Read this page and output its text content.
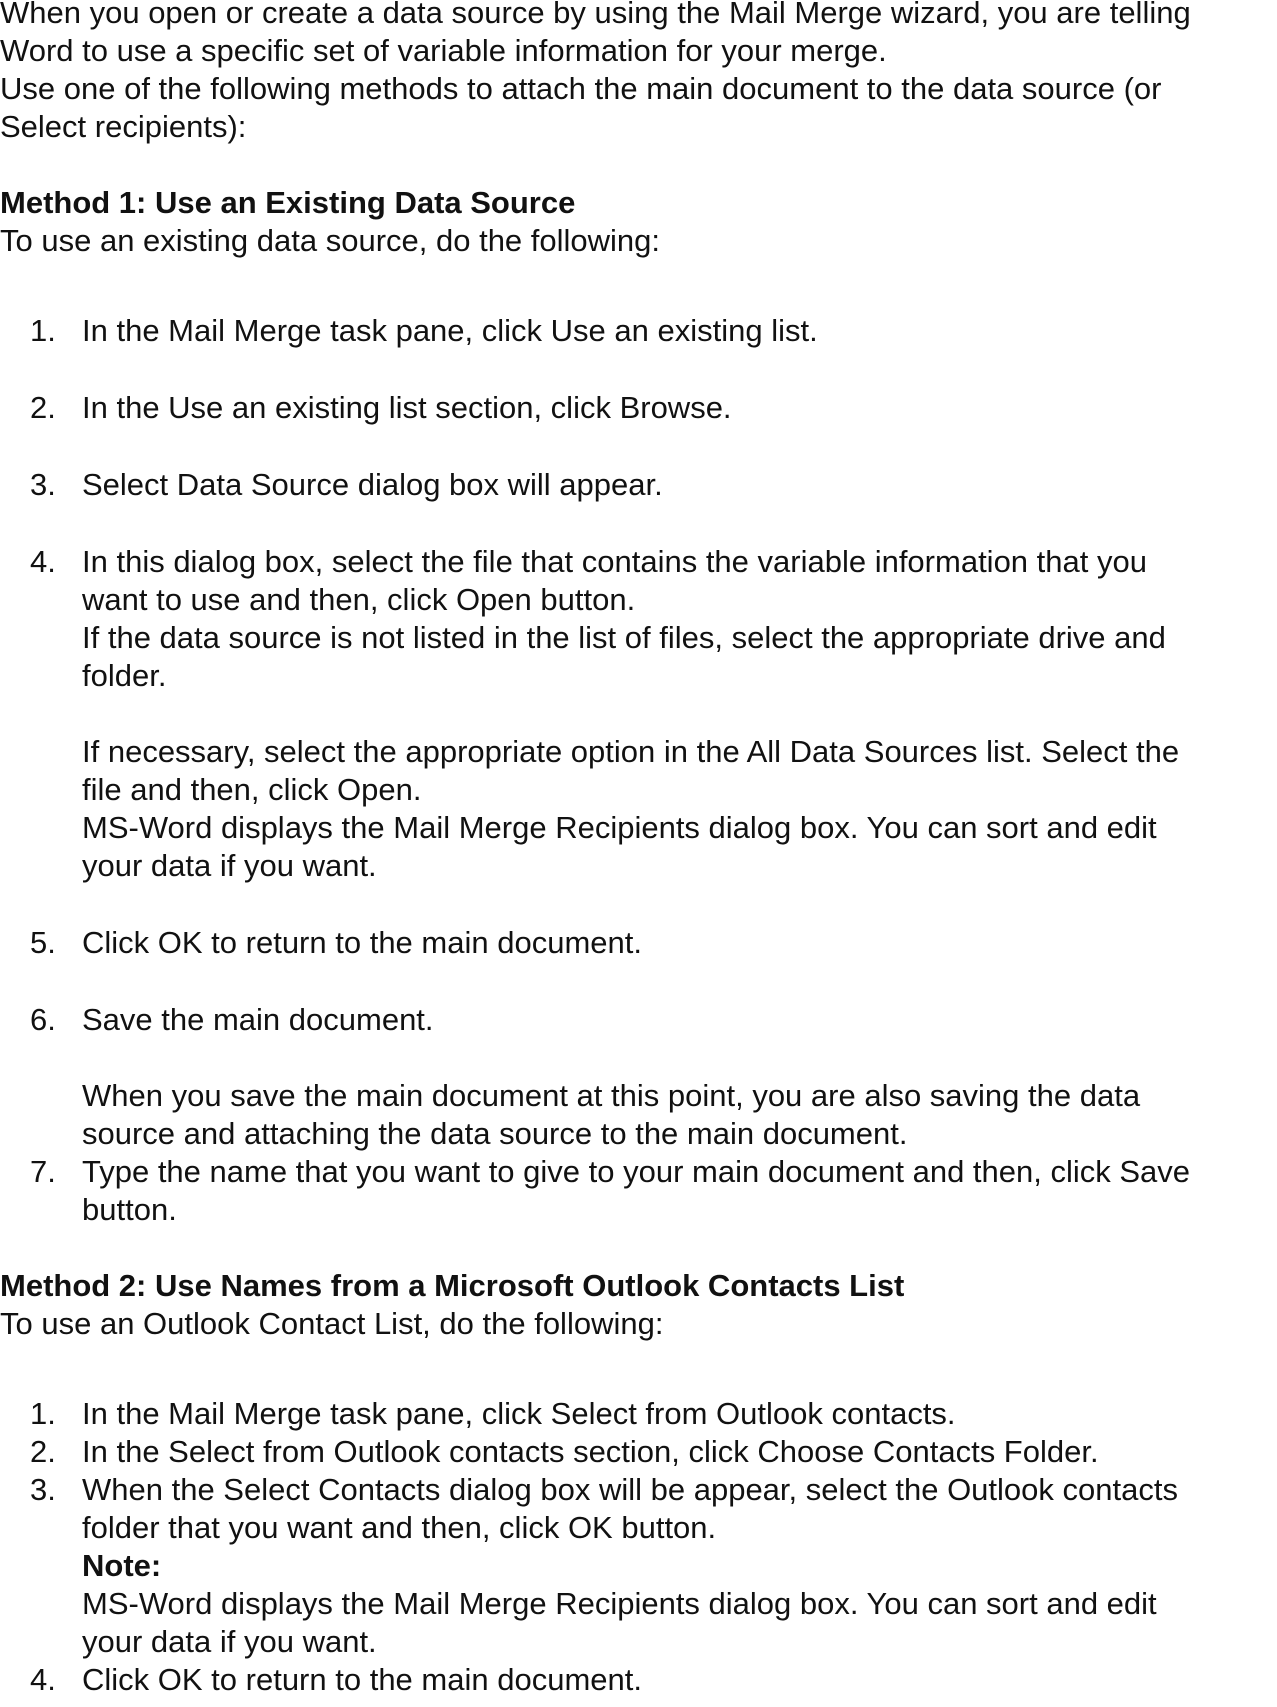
When you open or create a data source by using the Mail Merge wizard, you are telling

Word to use a specific set of variable information for your merge.

Use one of the following methods to attach the main document to the data source (or

Select recipients):

Method 1: Use an Existing Data Source

To use an existing data source, do the following:

1. In the Mail Merge task pane, click Use an existing list.
2. In the Use an existing list section, click Browse.
3. Select Data Source dialog box will appear.
4. In this dialog box, select the file that contains the variable information that you
want to use and then, click Open button.
If the data source is not listed in the list of files, select the appropriate drive and
folder.
If necessary, select the appropriate option in the All Data Sources list. Select the
file and then, click Open.
MS-Word displays the Mail Merge Recipients dialog box. You can sort and edit
your data if you want.
5. Click OK to return to the main document.
6. Save the main document.
When you save the main document at this point, you are also saving the data
source and attaching the data source to the main document.
7. Type the name that you want to give to your main document and then, click Save
button.
Method 2: Use Names from a Microsoft Outlook Contacts List

To use an Outlook Contact List, do the following:

1. In the Mail Merge task pane, click Select from Outlook contacts.
2. In the Select from Outlook contacts section, click Choose Contacts Folder.
3. When the Select Contacts dialog box will be appear, select the Outlook contacts
folder that you want and then, click OK button.
Note:
MS-Word displays the Mail Merge Recipients dialog box. You can sort and edit
your data if you want.
4. Click OK to return to the main document.
